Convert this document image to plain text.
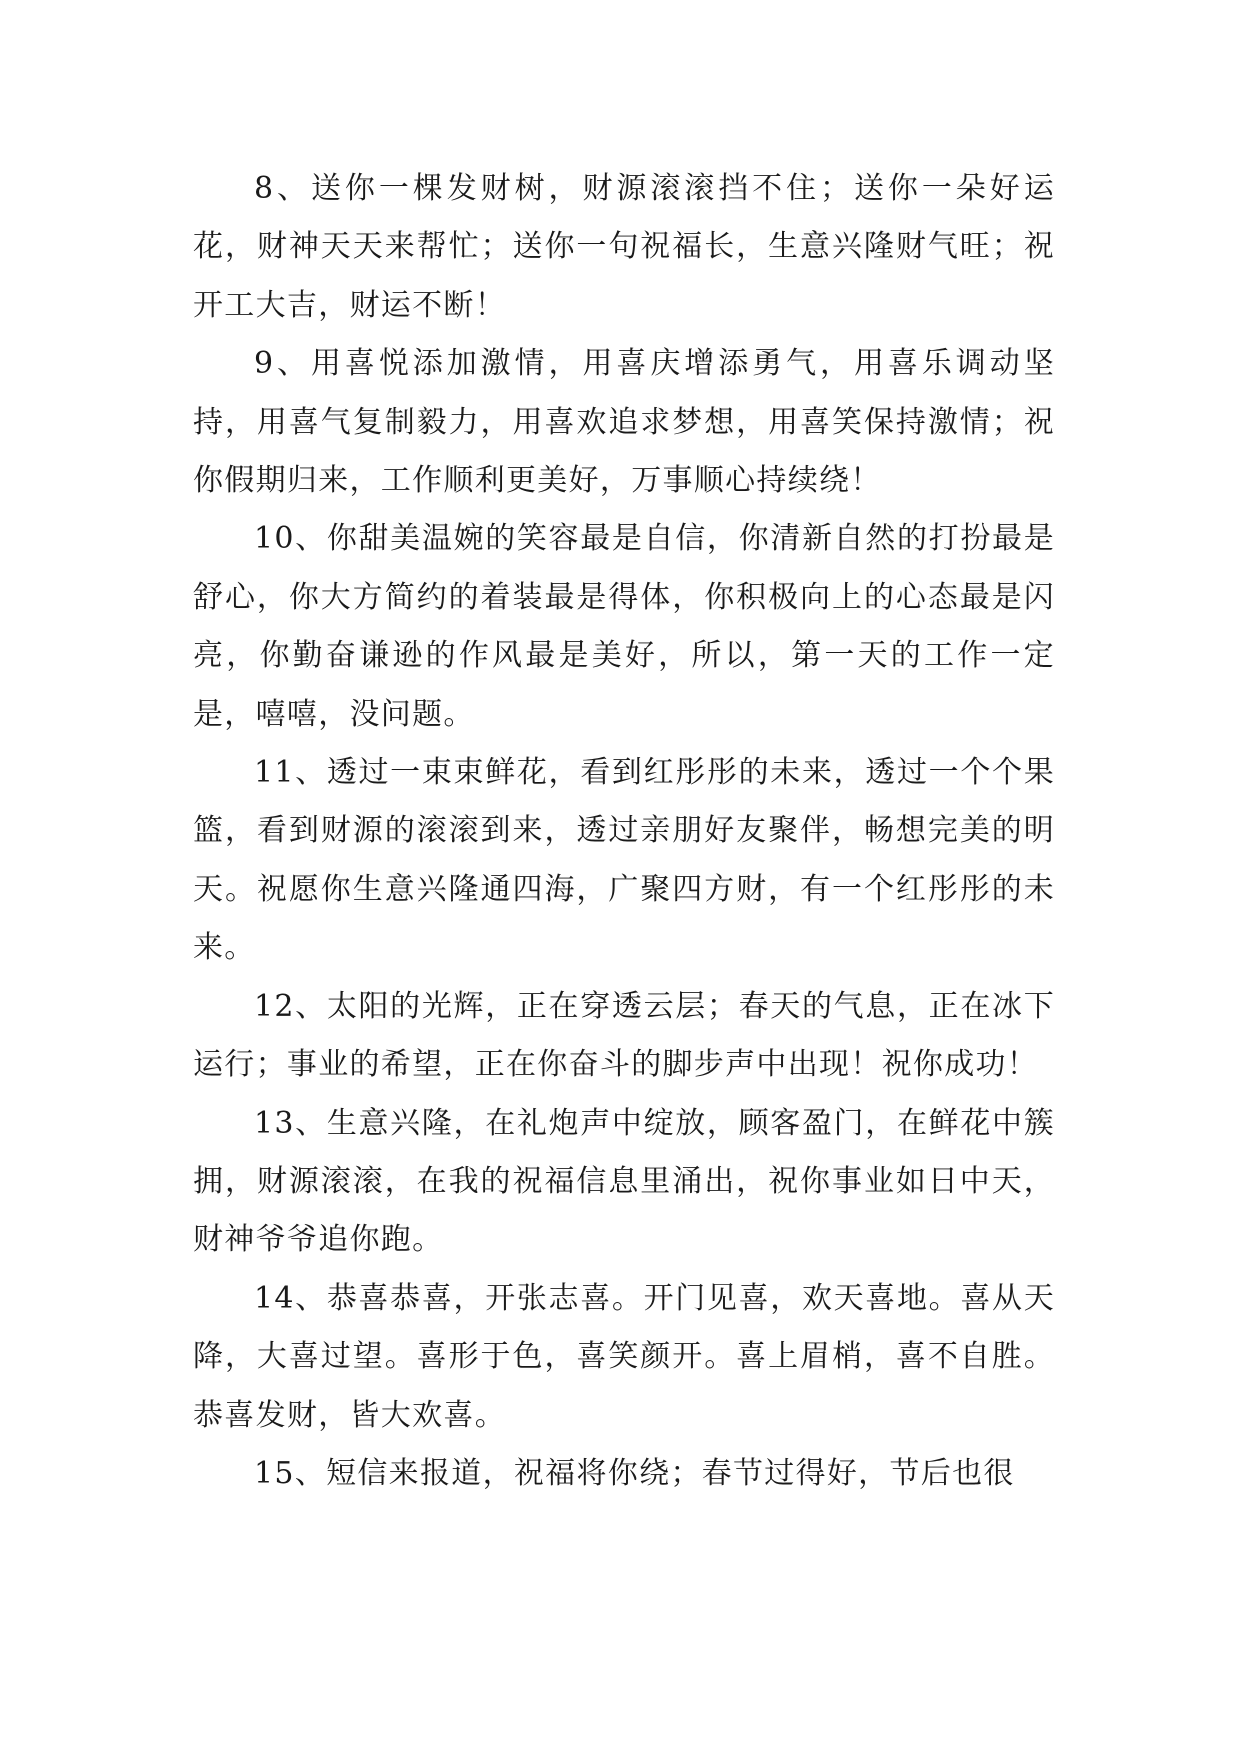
8、送你一棵发财树，财源滚滚挡不住；送你一朵好运花，财神天天来帮忙；送你一句祝福长，生意兴隆财气旺；祝开工大吉，财运不断！

9、用喜悦添加激情，用喜庆增添勇气，用喜乐调动坚持，用喜气复制毅力，用喜欢追求梦想，用喜笑保持激情；祝你假期归来，工作顺利更美好，万事顺心持续绕！

10、你甜美温婉的笑容最是自信，你清新自然的打扮最是舒心，你大方简约的着装最是得体，你积极向上的心态最是闪亮，你勤奋谦逊的作风最是美好，所以，第一天的工作一定是，嘻嘻，没问题。

11、透过一束束鲜花，看到红彤彤的未来，透过一个个果篮，看到财源的滚滚到来，透过亲朋好友聚伴，畅想完美的明天。祝愿你生意兴隆通四海，广聚四方财，有一个红彤彤的未来。

12、太阳的光辉，正在穿透云层；春天的气息，正在冰下运行；事业的希望，正在你奋斗的脚步声中出现！祝你成功！

13、生意兴隆，在礼炮声中绽放，顾客盈门，在鲜花中簇拥，财源滚滚，在我的祝福信息里涌出，祝你事业如日中天，财神爷爷追你跑。

14、恭喜恭喜，开张志喜。开门见喜，欢天喜地。喜从天降，大喜过望。喜形于色，喜笑颜开。喜上眉梢，喜不自胜。恭喜发财，皆大欢喜。

15、短信来报道，祝福将你绕；春节过得好，节后也很
